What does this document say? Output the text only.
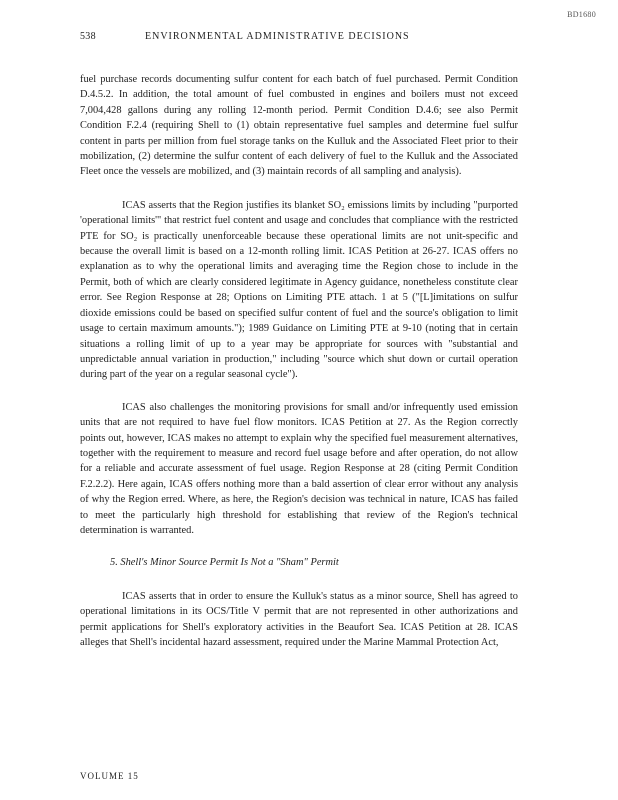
BD1680
538	ENVIRONMENTAL ADMINISTRATIVE DECISIONS

fuel purchase records documenting sulfur content for each batch of fuel purchased. Permit Condition D.4.5.2. In addition, the total amount of fuel combusted in engines and boilers must not exceed 7,004,428 gallons during any rolling 12-month period. Permit Condition D.4.6; see also Permit Condition F.2.4 (requiring Shell to (1) obtain representative fuel samples and determine fuel sulfur content in parts per million from fuel storage tanks on the Kulluk and the Associated Fleet prior to their mobilization, (2) determine the sulfur content of each delivery of fuel to the Kulluk and the Associated Fleet once the vessels are mobilized, and (3) maintain records of all sampling and analysis).

ICAS asserts that the Region justifies its blanket SO₂ emissions limits by including "purported 'operational limits'" that restrict fuel content and usage and concludes that compliance with the restricted PTE for SO₂ is practically unenforceable because these operational limits are not unit-specific and because the overall limit is based on a 12-month rolling limit. ICAS Petition at 26-27. ICAS offers no explanation as to why the operational limits and averaging time the Region chose to include in the Permit, both of which are clearly considered legitimate in Agency guidance, nonetheless constitute clear error. See Region Response at 28; Options on Limiting PTE attach. 1 at 5 ("[L]imitations on sulfur dioxide emissions could be based on specified sulfur content of fuel and the source's obligation to limit usage to certain maximum amounts."); 1989 Guidance on Limiting PTE at 9-10 (noting that in certain situations a rolling limit of up to a year may be appropriate for sources with "substantial and unpredictable annual variation in production," including "source which shut down or curtail operation during part of the year on a regular seasonal cycle").

ICAS also challenges the monitoring provisions for small and/or infrequently used emission units that are not required to have fuel flow monitors. ICAS Petition at 27. As the Region correctly points out, however, ICAS makes no attempt to explain why the specified fuel measurement alternatives, together with the requirement to measure and record fuel usage before and after operation, do not allow for a reliable and accurate assessment of fuel usage. Region Response at 28 (citing Permit Condition F.2.2.2). Here again, ICAS offers nothing more than a bald assertion of clear error without any analysis of why the Region erred. Where, as here, the Region's decision was technical in nature, ICAS has failed to meet the particularly high threshold for establishing that review of the Region's technical determination is warranted.

5. Shell's Minor Source Permit Is Not a "Sham" Permit

ICAS asserts that in order to ensure the Kulluk's status as a minor source, Shell has agreed to operational limitations in its OCS/Title V permit that are not represented in other authorizations and permit applications for Shell's exploratory activities in the Beaufort Sea. ICAS Petition at 28. ICAS alleges that Shell's incidental hazard assessment, required under the Marine Mammal Protection Act,

VOLUME 15
